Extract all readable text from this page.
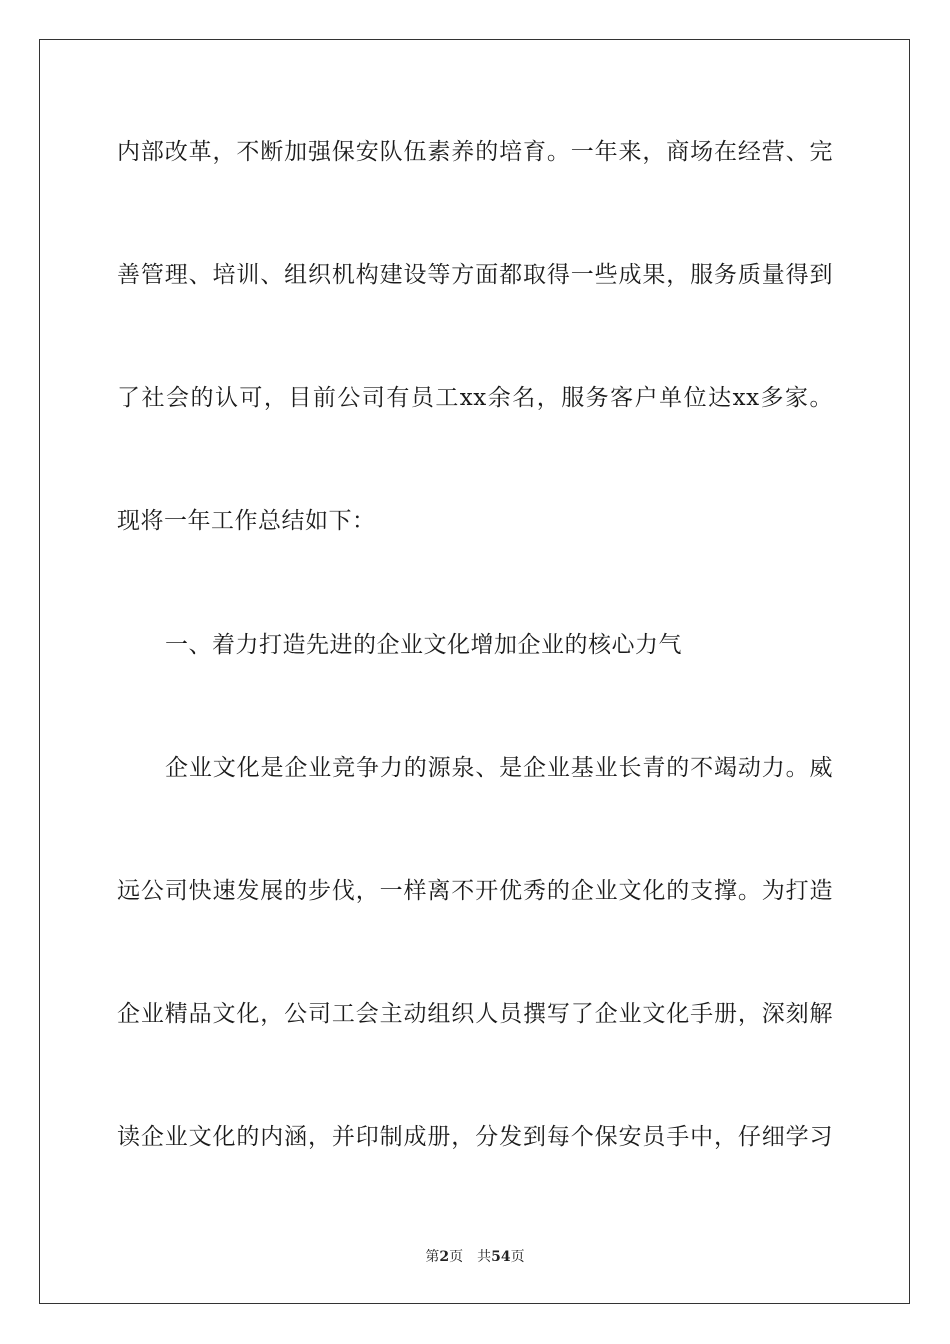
内部改革，不断加强保安队伍素养的培育。一年来，商场在经营、完
善管理、培训、组织机构建设等方面都取得一些成果，服务质量得到
了社会的认可，目前公司有员工xx余名，服务客户单位达xx多家。
现将一年工作总结如下：
一、着力打造先进的企业文化增加企业的核心力气
企业文化是企业竞争力的源泉、是企业基业长青的不竭动力。威
远公司快速发展的步伐，一样离不开优秀的企业文化的支撑。为打造
企业精品文化，公司工会主动组织人员撰写了企业文化手册，深刻解
读企业文化的内涵，并印制成册，分发到每个保安员手中，仔细学习
第2页 共54页
